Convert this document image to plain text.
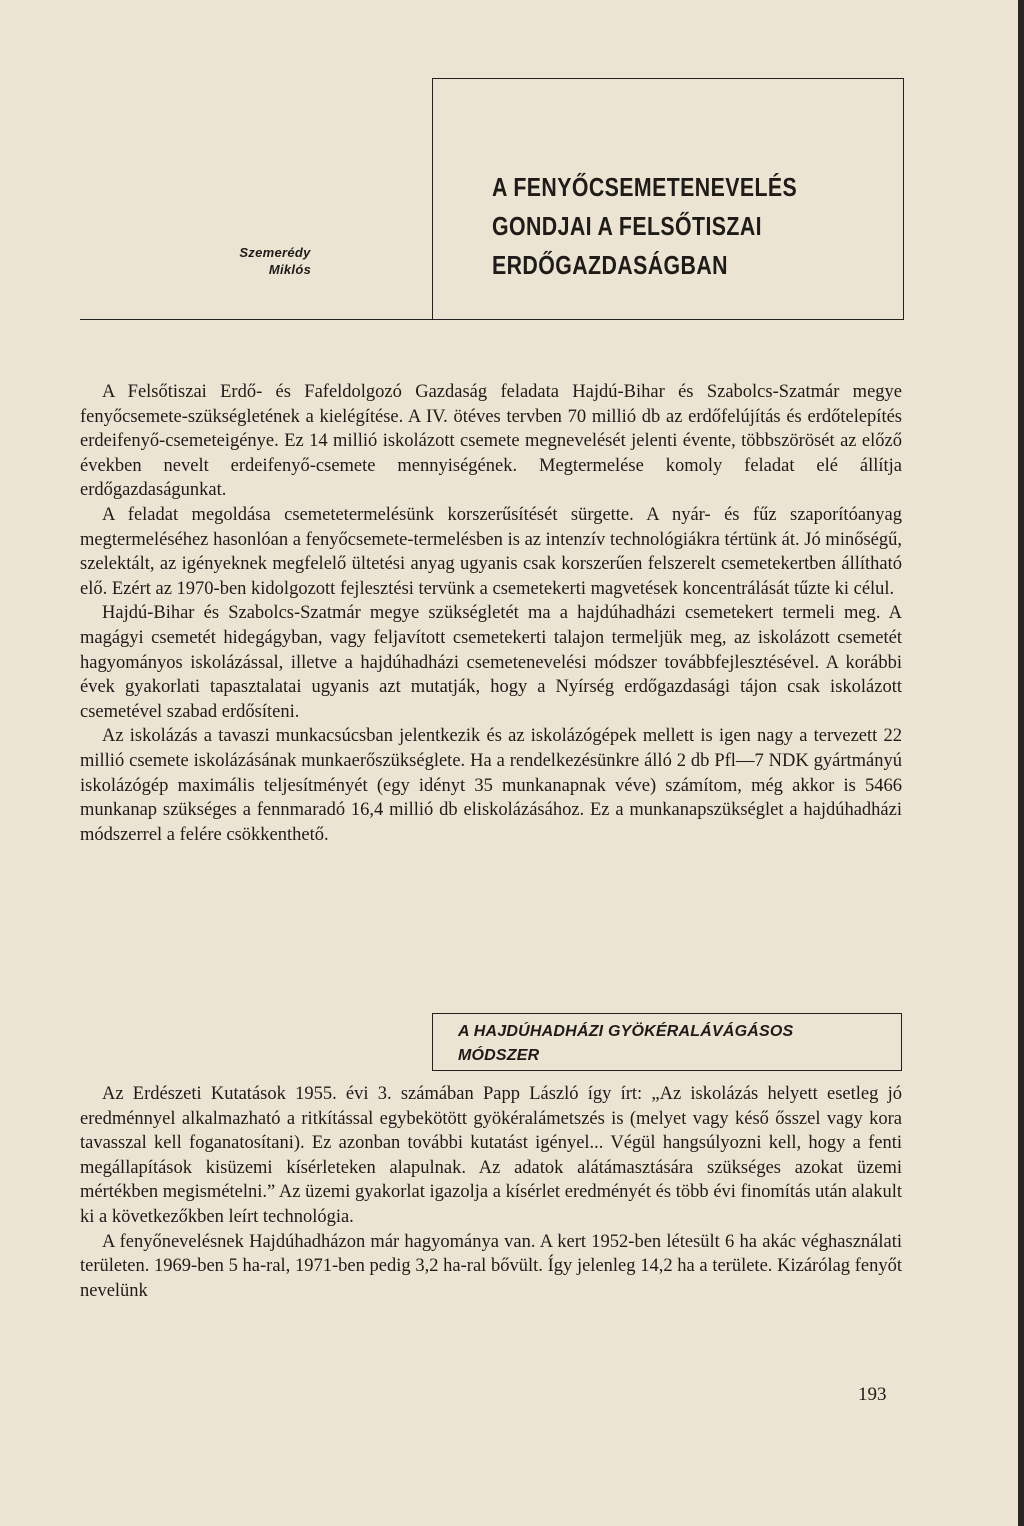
Szemerédy
Miklós
A FENYŐCSEMETENEVELÉS
GONDJAI A FELSŐTISZAI
ERDŐGAZDASÁGBAN

A Felsőtiszai Erdő- és Fafeldolgozó Gazdaság feladata Hajdú-Bihar és Szabolcs-Szatmár megye fenyőcsemete-szükségletének a kielégítése. A IV. ötéves tervben 70 millió db az erdőfelújítás és erdőtelepítés erdeifenyő-csemeteigénye. Ez 14 millió iskolázott csemete megnevelését jelenti évente, többszörösét az előző években nevelt erdeifenyő-csemete mennyiségének. Megtermelése komoly feladat elé állítja erdőgazdaságunkat.

A feladat megoldása csemetetermelésünk korszerűsítését sürgette. A nyár- és fűz szaporítóanyag megtermeléséhez hasonlóan a fenyőcsemete-termelésben is az intenzív technológiákra tértünk át. Jó minőségű, szelektált, az igényeknek megfelelő ültetési anyag ugyanis csak korszerűen felszerelt csemetekertben állítható elő. Ezért az 1970-ben kidolgozott fejlesztési tervünk a csemetekerti magvetések koncentrálását tűzte ki célul.

Hajdú-Bihar és Szabolcs-Szatmár megye szükségletét ma a hajdúhadházi csemetekert termeli meg. A magágyi csemetét hidegágyban, vagy feljavított csemetekerti talajon termeljük meg, az iskolázott csemetét hagyományos iskolázással, illetve a hajdúhadházi csemetenevelési módszer továbbfejlesztésével. A korábbi évek gyakorlati tapasztalatai ugyanis azt mutatják, hogy a Nyírség erdőgazdasági tájon csak iskolázott csemetével szabad erdősíteni.

Az iskolázás a tavaszi munkacsúcsban jelentkezik és az iskolázógépek mellett is igen nagy a tervezett 22 millió csemete iskolázásának munkaerőszükséglete. Ha a rendelkezésünkre álló 2 db Pfl—7 NDK gyártmányú iskolázógép maximális teljesítményét (egy idényt 35 munkanapnak véve) számítom, még akkor is 5466 munkanap szükséges a fennmaradó 16,4 millió db eliskolázásához. Ez a munkanapszükséglet a hajdúhadházi módszerrel a felére csökkenthető.

A HAJDÚHADHÁZI GYÖKÉRALÁVÁGÁSOS
MÓDSZER

Az Erdészeti Kutatások 1955. évi 3. számában Papp László így írt: „Az iskolázás helyett esetleg jó eredménnyel alkalmazható a ritkítással egybekötött gyökéralámetszés is (melyet vagy késő ősszel vagy kora tavasszal kell foganatosítani). Ez azonban további kutatást igényel... Végül hangsúlyozni kell, hogy a fenti megállapítások kisüzemi kísérleteken alapulnak. Az adatok alátámasztására szükséges azokat üzemi mértékben megismételni.” Az üzemi gyakorlat igazolja a kísérlet eredményét és több évi finomítás után alakult ki a következőkben leírt technológia.

A fenyőnevelésnek Hajdúhadházon már hagyománya van. A kert 1952-ben létesült 6 ha akác véghasználati területen. 1969-ben 5 ha-ral, 1971-ben pedig 3,2 ha-ral bővült. Így jelenleg 14,2 ha a területe. Kizárólag fenyőt nevelünk

193
